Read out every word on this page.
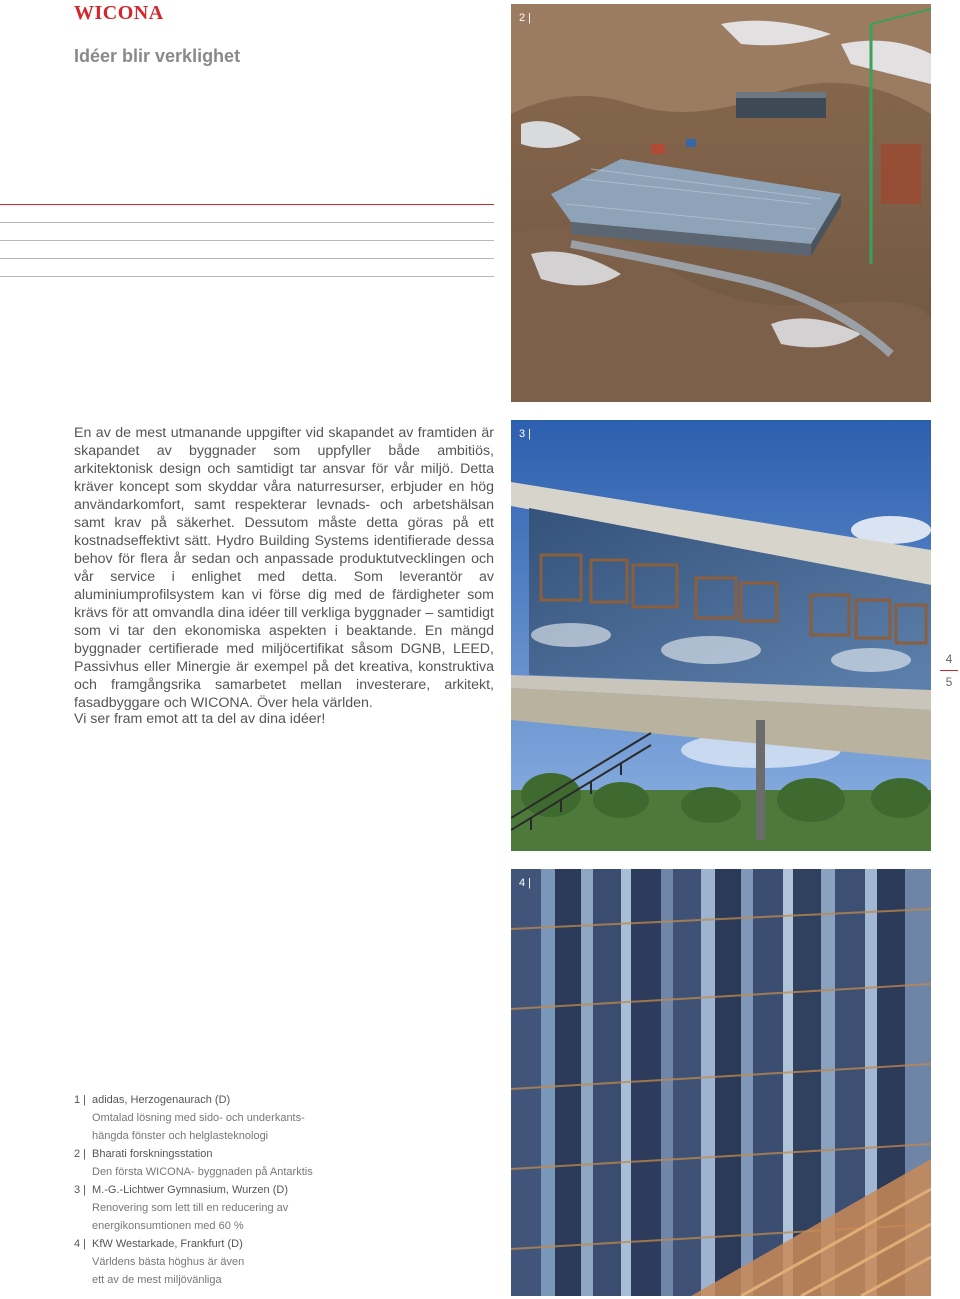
WICONA
Idéer blir verklighet
En av de mest utmanande uppgifter vid skapandet av framtiden är skapandet av byggnader som uppfyller både ambitiös, arkitektonisk design och samtidigt tar ansvar för vår miljö. Detta kräver koncept som skyddar våra naturresurser, erbjuder en hög användarkomfort, samt respekterar levnads- och arbetshälsan samt krav på säkerhet. Dessutom måste detta göras på ett kostnadseffektivt sätt. Hydro Building Systems identifierade dessa behov för flera år sedan och anpassade produktutvecklingen och vår service i enlighet med detta. Som leverantör av aluminiumprofilsystem kan vi förse dig med de färdigheter som krävs för att omvandla dina idéer till verkliga byggnader – samtidigt som vi tar den ekonomiska aspekten i beaktande. En mängd byggnader certifierade med miljöcertifikat såsom DGNB, LEED, Passivhus eller Minergie är exempel på det kreativa, konstruktiva och framgångsrika samarbetet mellan investerare, arkitekt, fasadbyggare och WICONA. Över hela världen.
Vi ser fram emot att ta del av dina idéer!
2 |
3 |
4 |
4
5
1 | adidas, Herzogenaurach (D)
Omtalad lösning med sido- och underkants-
hängda fönster och helglasteknologi
2 | Bharati forskningsstation
Den första WICONA- byggnaden på Antarktis
3 | M.-G.-Lichtwer Gymnasium, Wurzen (D)
Renovering som lett till en reducering av
energikonsumtionen med 60 %
4 | KfW Westarkade, Frankfurt (D)
Världens bästa höghus är även
ett av de mest miljövänliga
